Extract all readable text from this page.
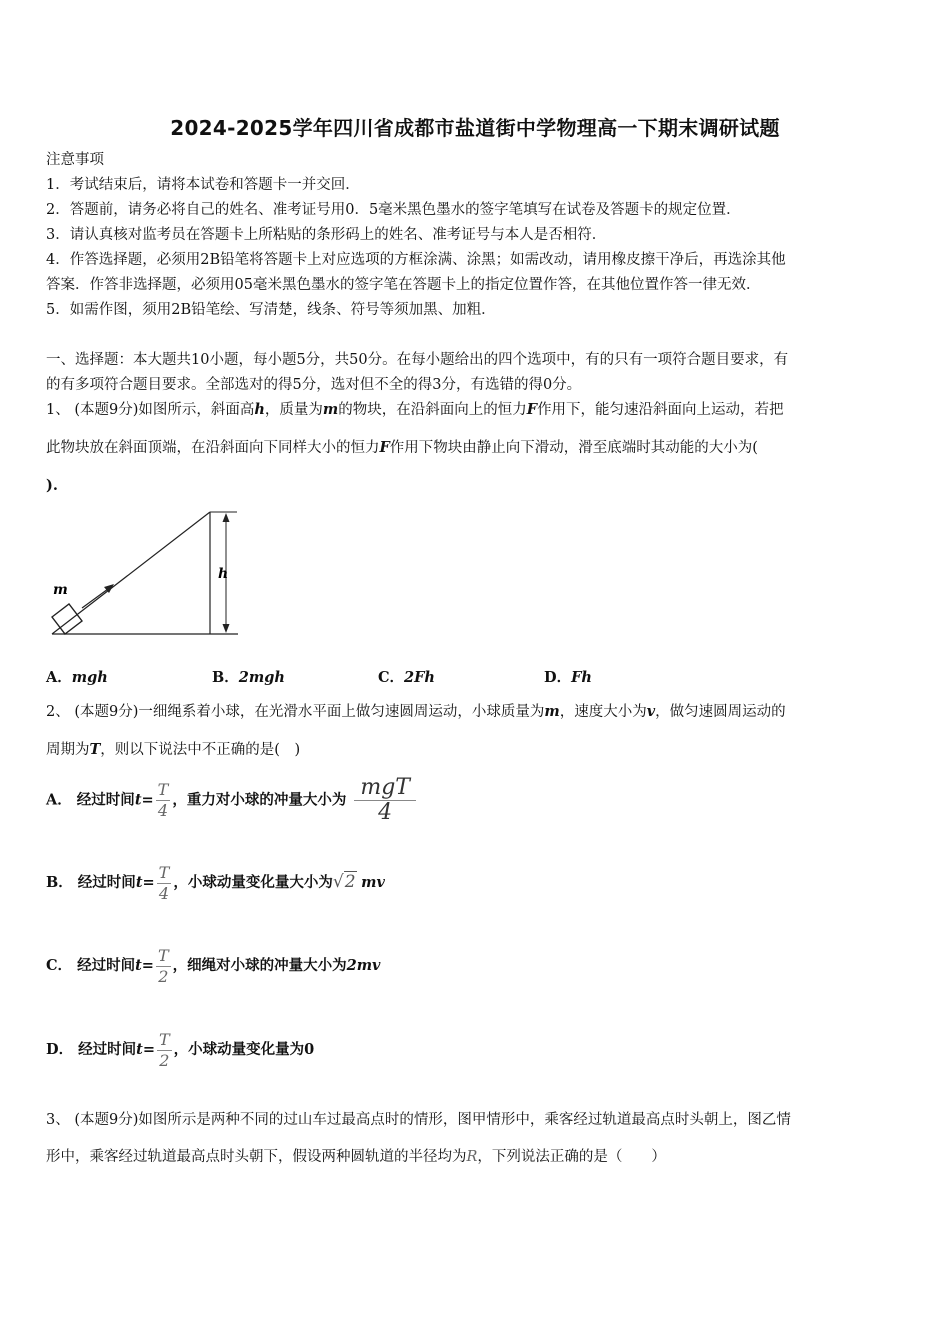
2024-2025学年四川省成都市盐道街中学物理高一下期末调研试题
注意事项
1．考试结束后，请将本试卷和答题卡一并交回．
2．答题前，请务必将自己的姓名、准考证号用0．5毫米黑色墨水的签字笔填写在试卷及答题卡的规定位置．
3．请认真核对监考员在答题卡上所粘贴的条形码上的姓名、准考证号与本人是否相符．
4．作答选择题，必须用2B铅笔将答题卡上对应选项的方框涂满、涂黑；如需改动，请用橡皮擦干净后，再选涂其他
答案．作答非选择题，必须用05毫米黑色墨水的签字笔在答题卡上的指定位置作答，在其他位置作答一律无效．
5．如需作图，须用2B铅笔绘、写清楚，线条、符号等须加黑、加粗．
一、选择题：本大题共10小题，每小题5分，共50分。在每小题给出的四个选项中，有的只有一项符合题目要求，有
的有多项符合题目要求。全部选对的得5分，选对但不全的得3分，有选错的得0分。
1、 (本题9分)如图所示，斜面高h，质量为m的物块，在沿斜面向上的恒力F作用下，能匀速沿斜面向上运动，若把
此物块放在斜面顶端，在沿斜面向下同样大小的恒力F作用下物块由静止向下滑动，滑至底端时其动能的大小为(
).
m
h
A．mgh	B．2mgh	C．2Fh	D．Fh
2、 (本题9分)一细绳系着小球，在光滑水平面上做匀速圆周运动，小球质量为m，速度大小为v，做匀速圆周运动的
周期为T，则以下说法中不正确的是(　)
A． 经过时间$t= \frac{T}{4}$ ，重力对小球的冲量大小为 $\frac{\text{mgT}}{4}$
B． 经过时间$t= \frac{T}{4}$ ，小球动量变化量大小为√2 mv
C． 经过时间$t= \frac{T}{2}$ ，细绳对小球的冲量大小为2mv
D． 经过时间$t= \frac{T}{2}$ ，小球动量变化量为0
3、 (本题9分)如图所示是两种不同的过山车过最高点时的情形，图甲情形中，乘客经过轨道最高点时头朝上，图乙情
形中，乘客经过轨道最高点时头朝下，假设两种圆轨道的半径均为R，下列说法正确的是（　　）
